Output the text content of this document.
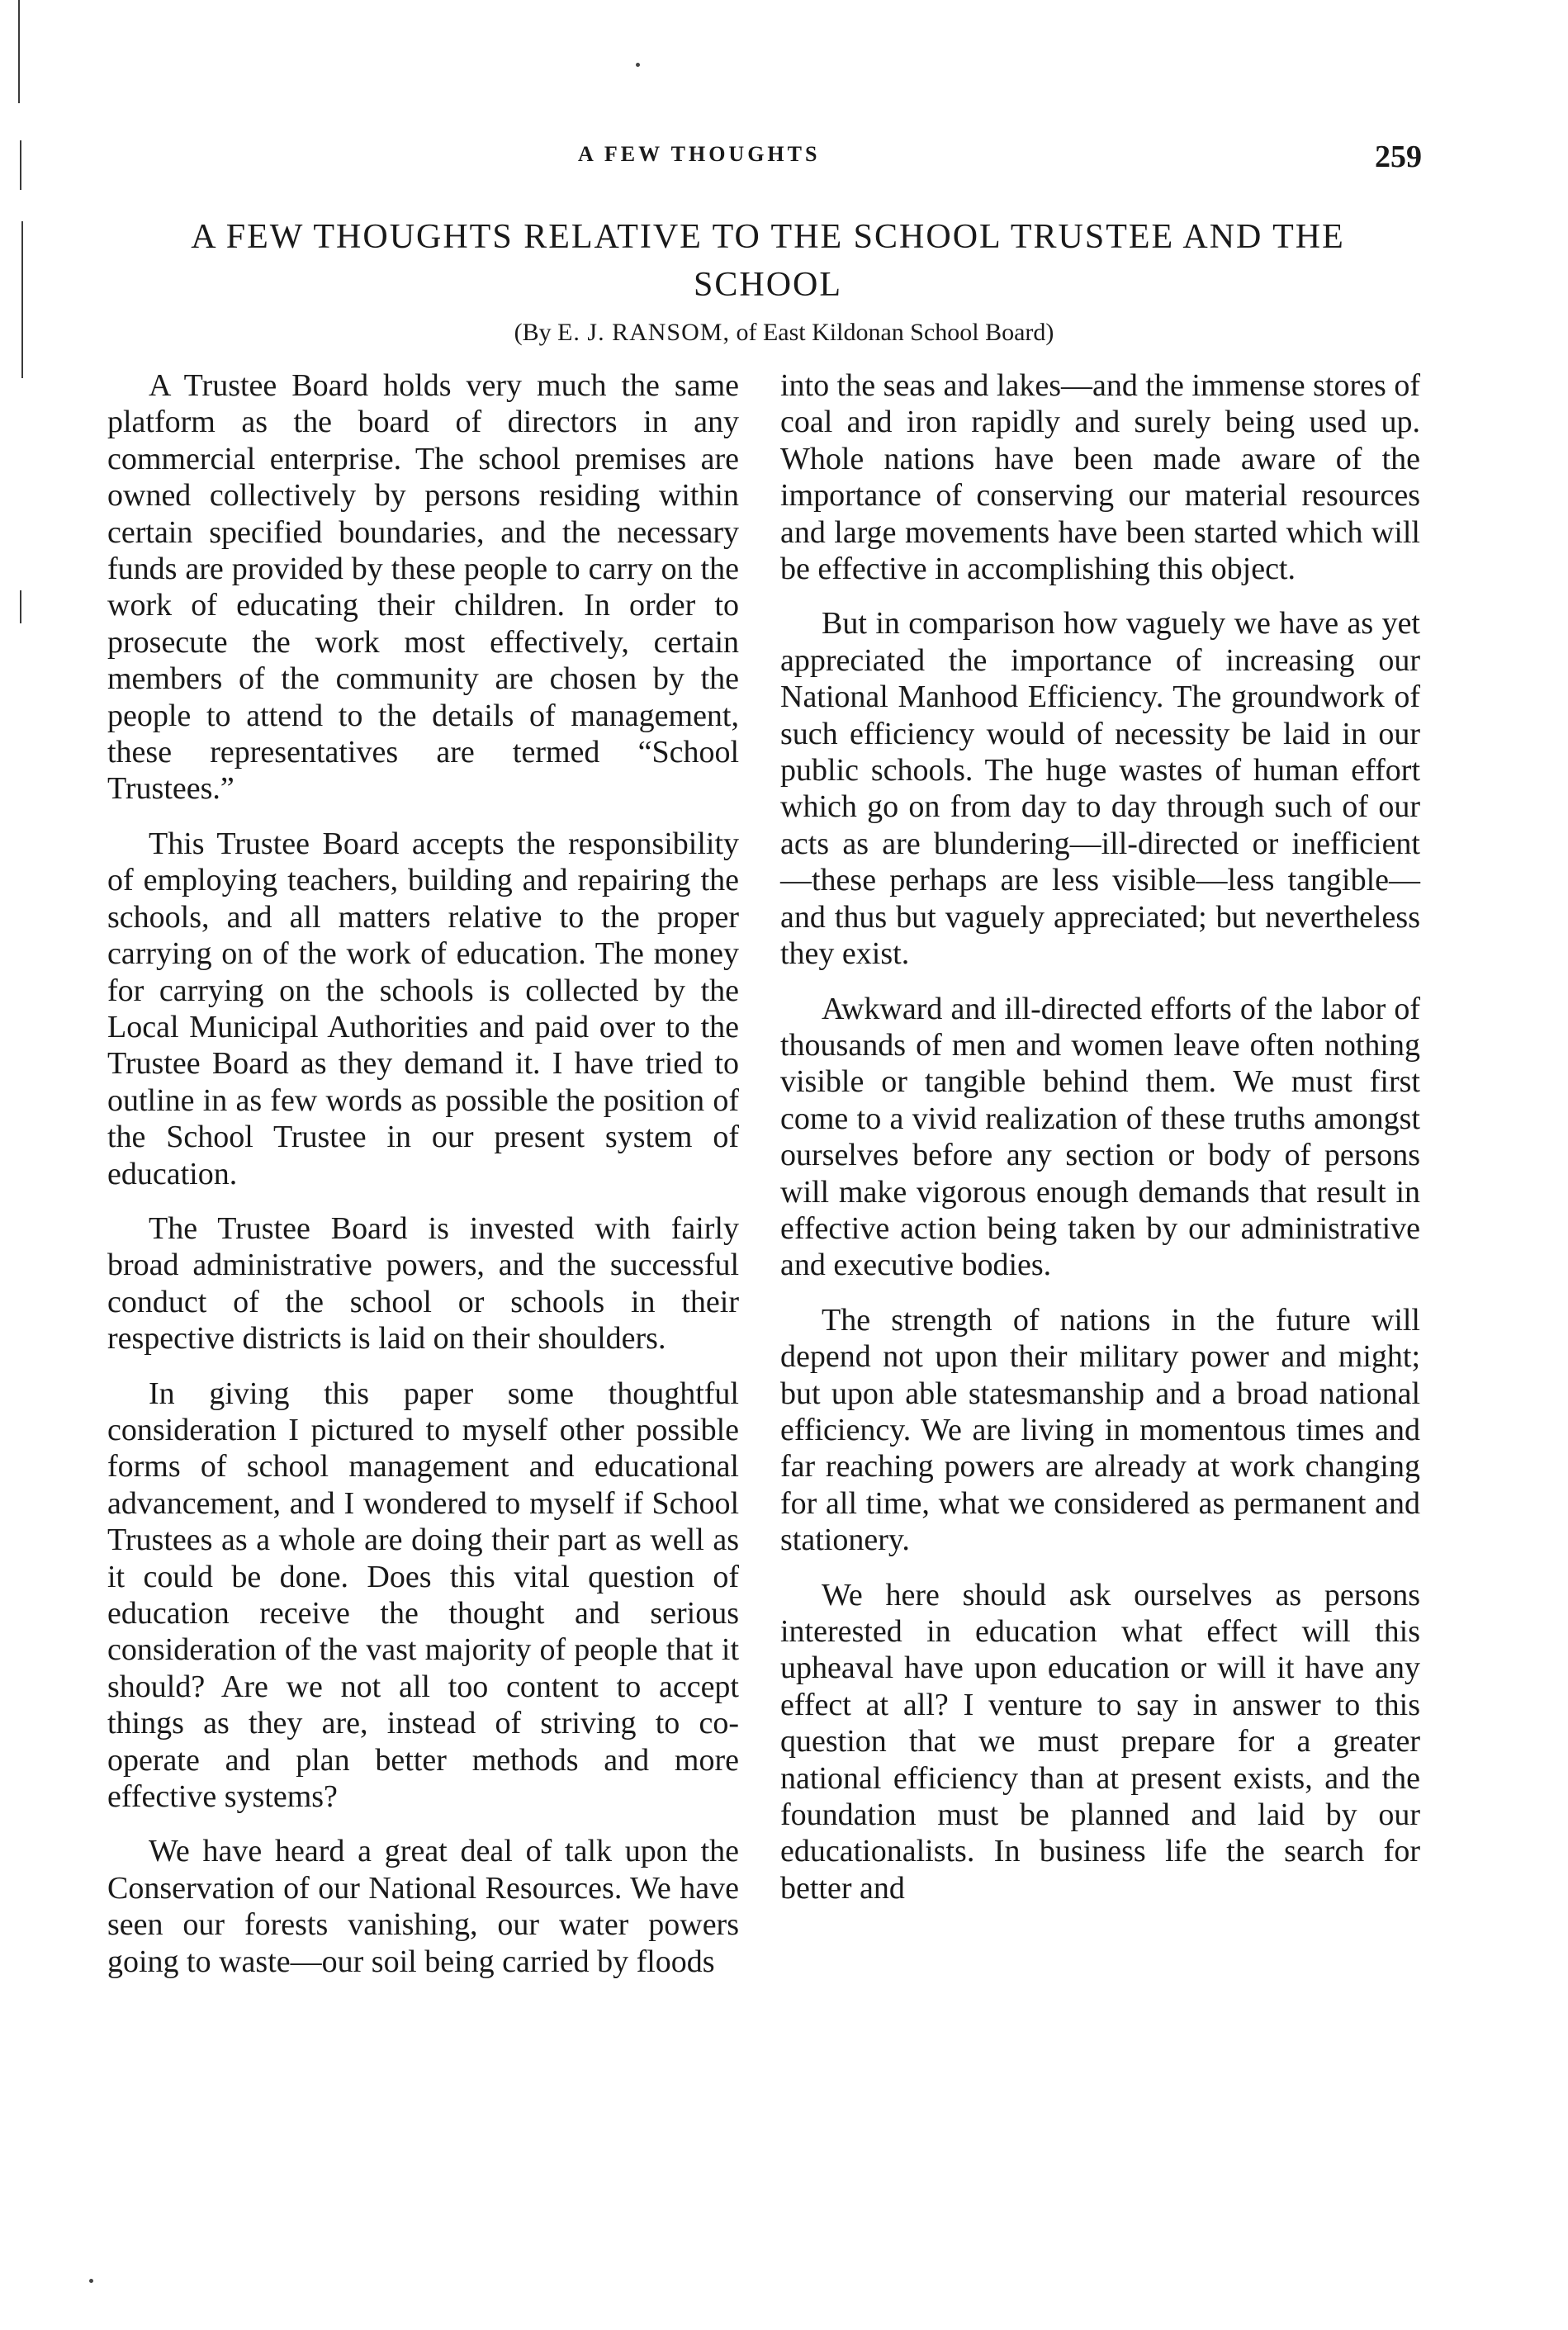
A FEW THOUGHTS	259
A FEW THOUGHTS RELATIVE TO THE SCHOOL TRUSTEE AND THE
SCHOOL
(By E. J. RANSOM, of East Kildonan School Board)

A Trustee Board holds very much the same platform as the board of directors in any commercial enterprise. The school premises are owned collectively by persons residing within certain specified boundaries, and the necessary funds are provided by these people to carry on the work of educating their children. In order to prosecute the work most effectively, certain members of the community are chosen by the people to attend to the details of management, these representatives are termed “School Trustees.”

This Trustee Board accepts the responsibility of employing teachers, building and repairing the schools, and all matters relative to the proper carrying on of the work of education. The money for carrying on the schools is collected by the Local Municipal Authorities and paid over to the Trustee Board as they demand it. I have tried to outline in as few words as possible the position of the School Trustee in our present system of education.

The Trustee Board is invested with fairly broad administrative powers, and the successful conduct of the school or schools in their respective districts is laid on their shoulders.

In giving this paper some thoughtful consideration I pictured to myself other possible forms of school management and educational advancement, and I wondered to myself if School Trustees as a whole are doing their part as well as it could be done. Does this vital question of education receive the thought and serious consideration of the vast majority of people that it should? Are we not all too content to accept things as they are, instead of striving to co-operate and plan better methods and more effective systems?

We have heard a great deal of talk upon the Conservation of our National Resources. We have seen our forests vanishing, our water powers going to waste—our soil being carried by floods

into the seas and lakes—and the immense stores of coal and iron rapidly and surely being used up. Whole nations have been made aware of the importance of conserving our material resources and large movements have been started which will be effective in accomplishing this object.

But in comparison how vaguely we have as yet appreciated the importance of increasing our National Manhood Efficiency. The groundwork of such efficiency would of necessity be laid in our public schools. The huge wastes of human effort which go on from day to day through such of our acts as are blundering—ill-directed or inefficient —these perhaps are less visible—less tangible—and thus but vaguely appreciated; but nevertheless they exist.

Awkward and ill-directed efforts of the labor of thousands of men and women leave often nothing visible or tangible behind them. We must first come to a vivid realization of these truths amongst ourselves before any section or body of persons will make vigorous enough demands that result in effective action being taken by our administrative and executive bodies.

The strength of nations in the future will depend not upon their military power and might; but upon able statesmanship and a broad national efficiency. We are living in momentous times and far reaching powers are already at work changing for all time, what we considered as permanent and stationery.

We here should ask ourselves as persons interested in education what effect will this upheaval have upon education or will it have any effect at all? I venture to say in answer to this question that we must prepare for a greater national efficiency than at present exists, and the foundation must be planned and laid by our educationalists. In business life the search for better and
